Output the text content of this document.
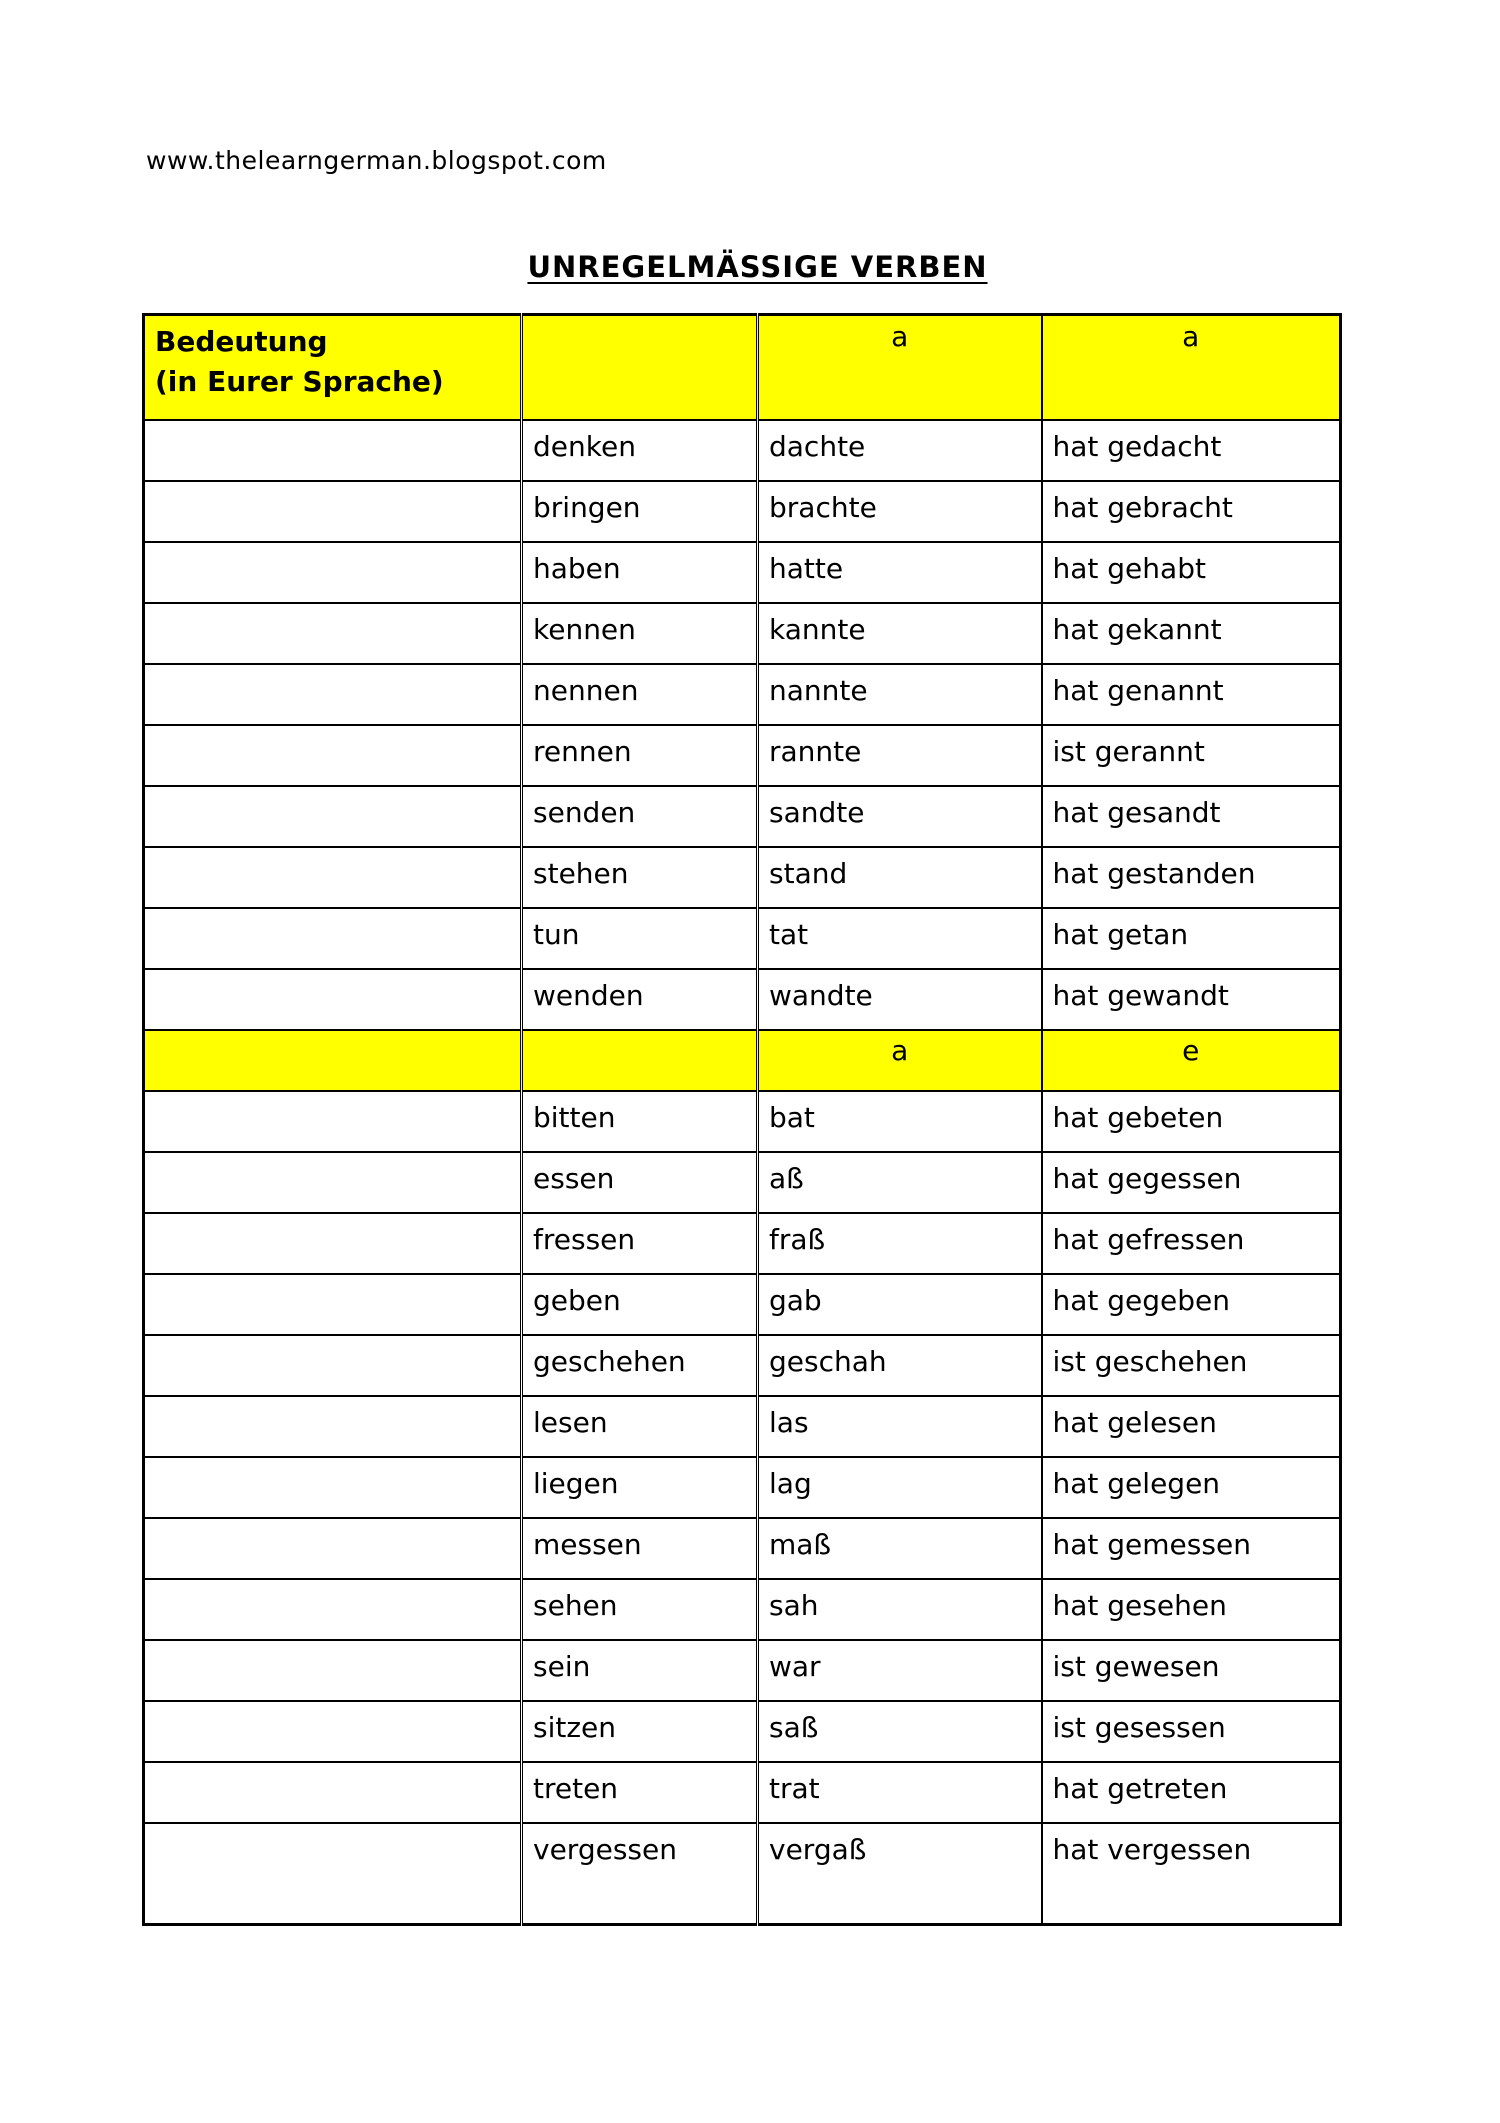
www.thelearngerman.blogspot.com
UNREGELMÄSSIGE VERBEN
Bedeutung
(in Eurer Sprache)		a	a
	denken	dachte	hat gedacht
	bringen	brachte	hat gebracht
	haben	hatte	hat gehabt
	kennen	kannte	hat gekannt
	nennen	nannte	hat genannt
	rennen	rannte	ist gerannt
	senden	sandte	hat gesandt
	stehen	stand	hat gestanden
	tun	tat	hat getan
	wenden	wandte	hat gewandt
		a	e
	bitten	bat	hat gebeten
	essen	aß	hat gegessen
	fressen	fraß	hat gefressen
	geben	gab	hat gegeben
	geschehen	geschah	ist geschehen
	lesen	las	hat gelesen
	liegen	lag	hat gelegen
	messen	maß	hat gemessen
	sehen	sah	hat gesehen
	sein	war	ist gewesen
	sitzen	saß	ist gesessen
	treten	trat	hat getreten
	vergessen	vergaß	hat vergessen
